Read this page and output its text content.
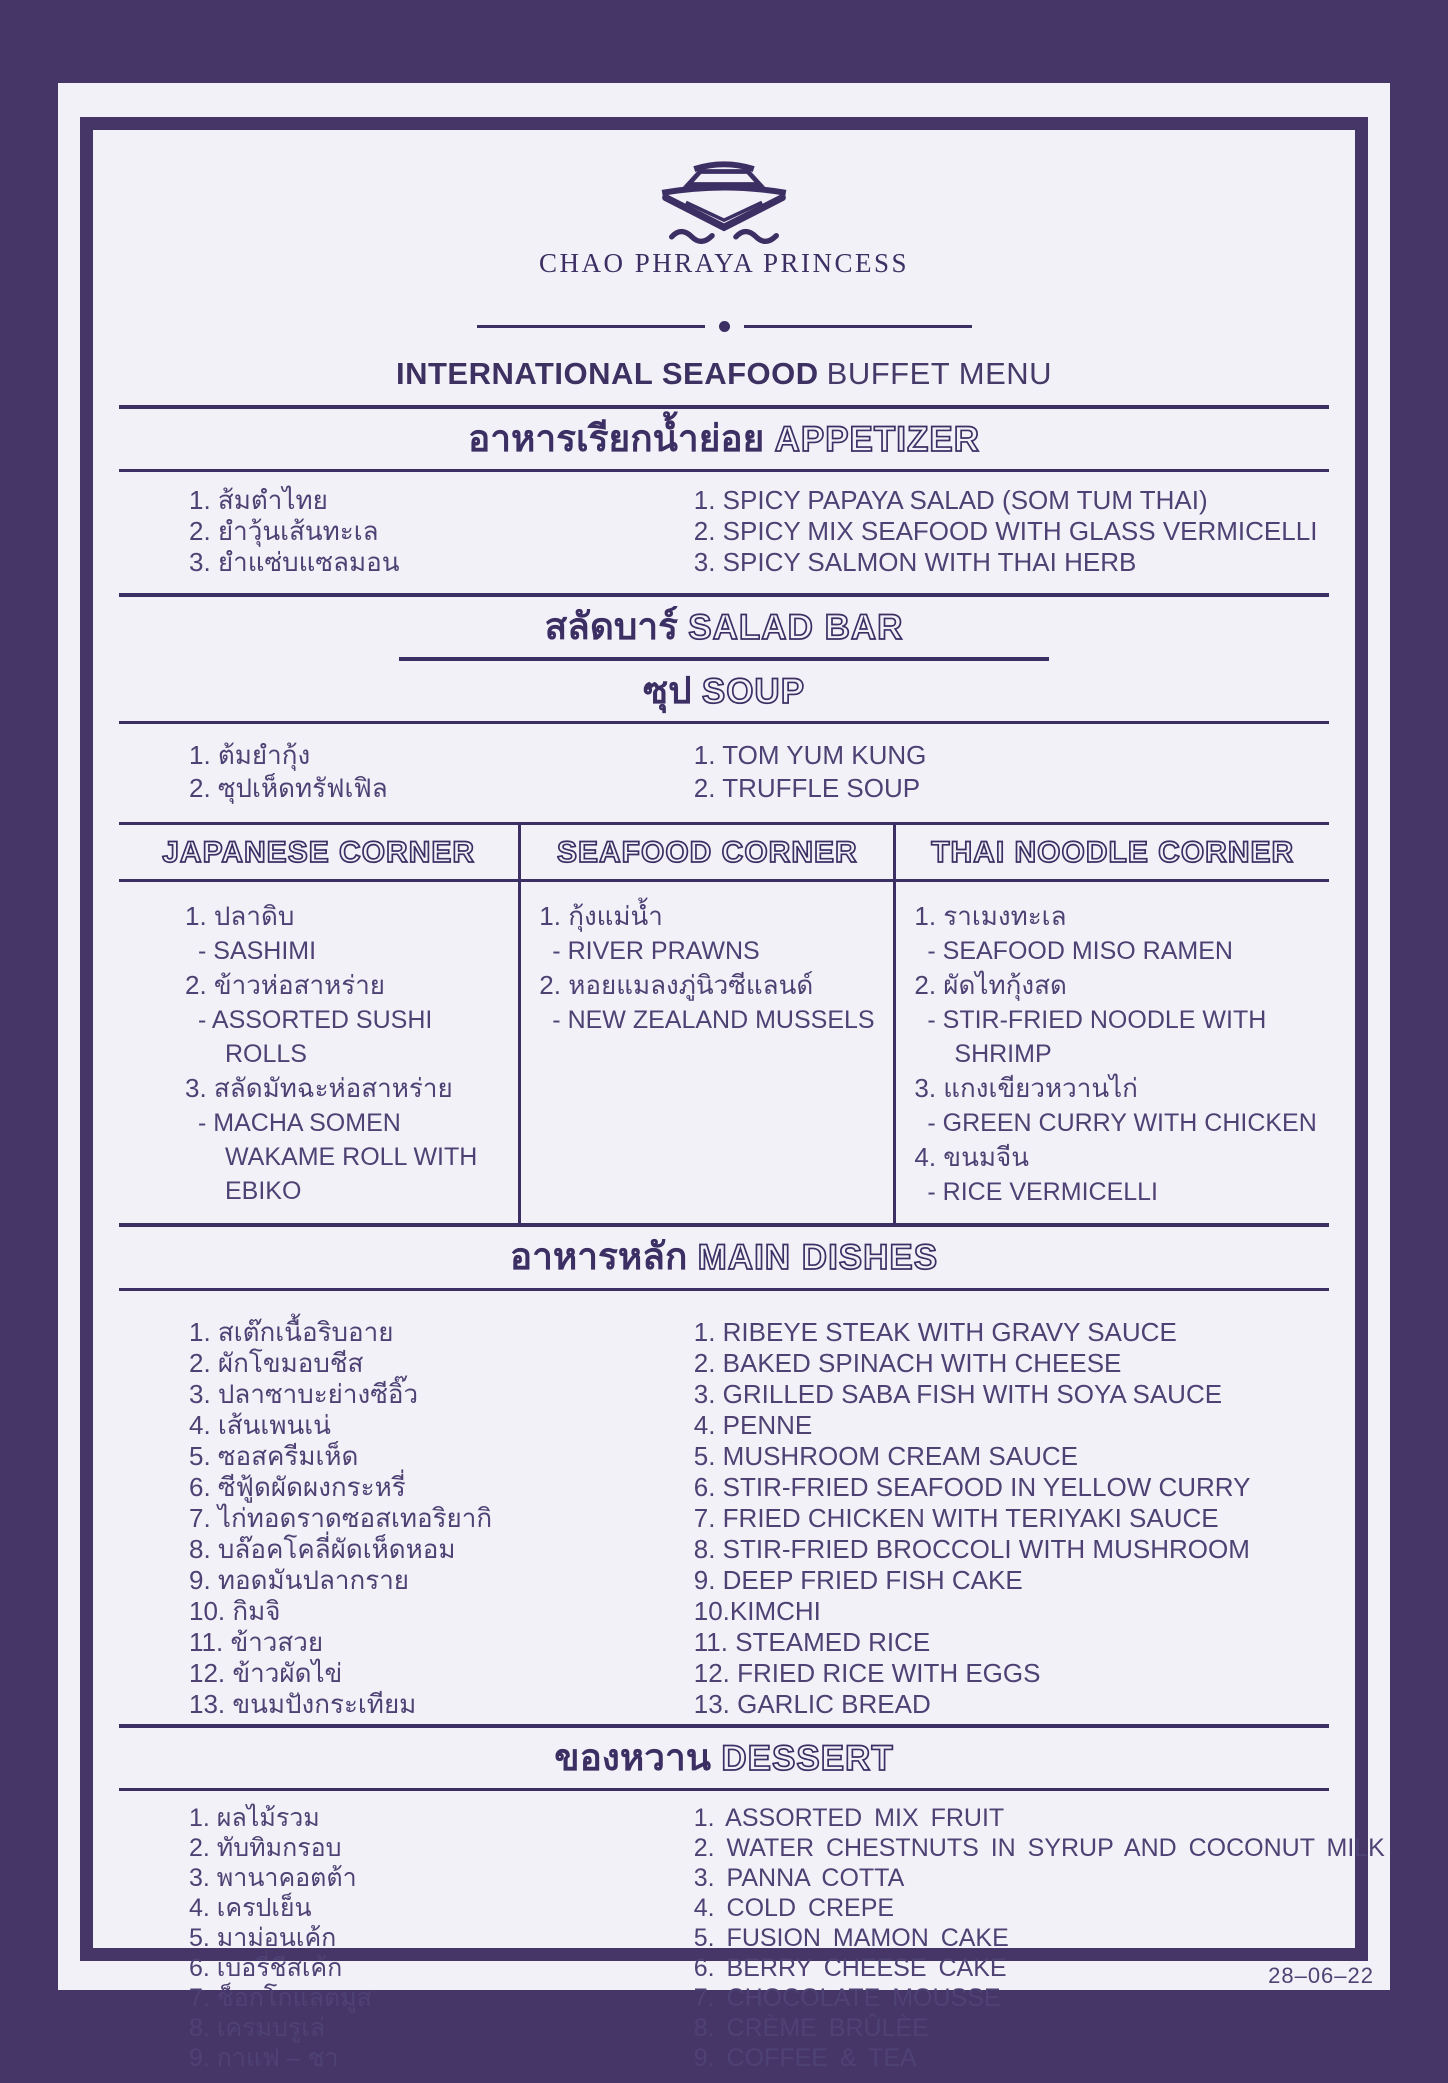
CHAO PHRAYA PRINCESS
INTERNATIONAL SEAFOOD BUFFET MENU
อาหารเรียกน้ำย่อย APPETIZER
1. ส้มตำไทย
2. ยำวุ้นเส้นทะเล
3. ยำแซ่บแซลมอน
1. SPICY PAPAYA SALAD (SOM TUM THAI)
2. SPICY MIX SEAFOOD WITH GLASS VERMICELLI
3. SPICY SALMON WITH THAI HERB
สลัดบาร์ SALAD BAR
ซุป SOUP
1. ต้มยำกุ้ง
2. ซุปเห็ดทรัฟเฟิล
1. TOM YUM KUNG
2. TRUFFLE SOUP
JAPANESE CORNER
1. ปลาดิบ
- SASHIMI
2. ข้าวห่อสาหร่าย
- ASSORTED SUSHI ROLLS
3. สลัดมัทฉะห่อสาหร่าย
- MACHA SOMEN WAKAME ROLL WITH EBIKO
SEAFOOD CORNER
1. กุ้งแม่น้ำ
- RIVER PRAWNS
2. หอยแมลงภู่นิวซีแลนด์
- NEW ZEALAND MUSSELS
THAI NOODLE CORNER
1. ราเมงทะเล
- SEAFOOD MISO RAMEN
2. ผัดไทกุ้งสด
- STIR-FRIED NOODLE WITH SHRIMP
3. แกงเขียวหวานไก่
- GREEN CURRY WITH CHICKEN
4. ขนมจีน
- RICE VERMICELLI
อาหารหลัก MAIN DISHES
1. สเต๊กเนื้อริบอาย
2. ผักโขมอบชีส
3. ปลาซาบะย่างซีอิ๊ว
4. เส้นเพนเน่
5. ซอสครีมเห็ด
6. ซีฟู้ดผัดผงกระหรี่
7. ไก่ทอดราดซอสเทอริยากิ
8. บล๊อคโคลี่ผัดเห็ดหอม
9. ทอดมันปลากราย
10. กิมจิ
11. ข้าวสวย
12. ข้าวผัดไข่
13. ขนมปังกระเทียม
1. RIBEYE STEAK WITH GRAVY SAUCE
2. BAKED SPINACH WITH CHEESE
3. GRILLED SABA FISH WITH SOYA SAUCE
4. PENNE
5. MUSHROOM CREAM SAUCE
6. STIR-FRIED SEAFOOD IN YELLOW CURRY
7. FRIED CHICKEN WITH TERIYAKI SAUCE
8. STIR-FRIED BROCCOLI WITH MUSHROOM
9. DEEP FRIED FISH CAKE
10.KIMCHI
11. STEAMED RICE
12. FRIED RICE WITH EGGS
13. GARLIC BREAD
ของหวาน DESSERT
1. ผลไม้รวม
2. ทับทิมกรอบ
3. พานาคอตต้า
4. เครปเย็น
5. มาม่อนเค้ก
6. เบอรี่ชีสเค้ก
7. ช็อกโกแลตมูส
8. เครมบรูเล่
9. กาแฟ – ชา
1. ASSORTED MIX FRUIT
2. WATER CHESTNUTS IN SYRUP AND COCONUT MILK
3. PANNA COTTA
4. COLD CREPE
5. FUSION MAMON CAKE
6. BERRY CHEESE CAKE
7. CHOCOLATE MOUSSE
8. CRÈME BRÛLÈE
9. COFFEE & TEA
28–06–22
